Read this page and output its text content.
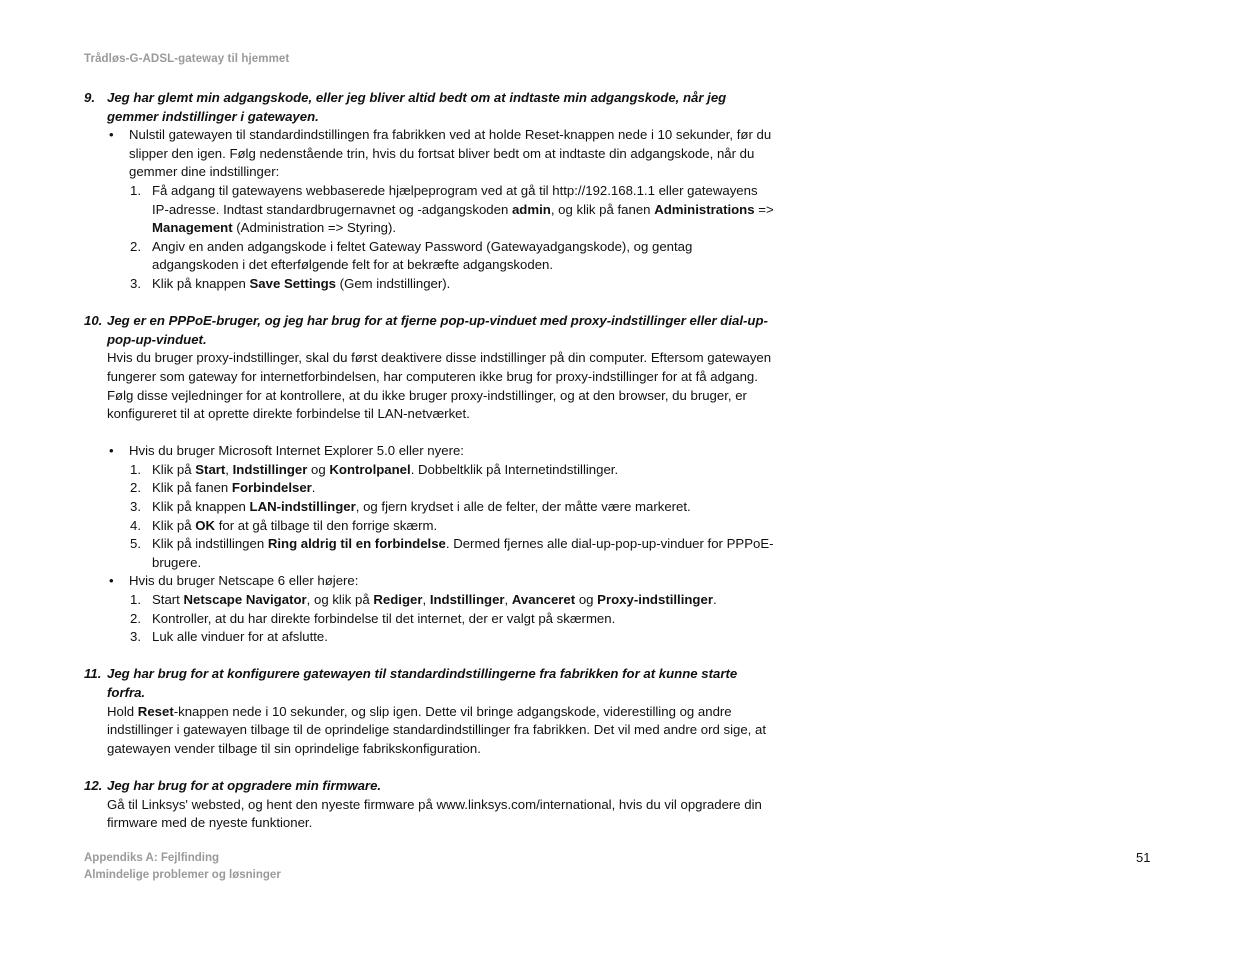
Trådløs-G-ADSL-gateway til hjemmet

9. Jeg har glemt min adgangskode, eller jeg bliver altid bedt om at indtaste min adgangskode, når jeg gemmer indstillinger i gatewayen.

• Nulstil gatewayen til standardindstillingen fra fabrikken ved at holde Reset-knappen nede i 10 sekunder, før du slipper den igen. Følg nedenstående trin, hvis du fortsat bliver bedt om at indtaste din adgangskode, når du gemmer dine indstillinger:

1. Få adgang til gatewayens webbaserede hjælpeprogram ved at gå til http://192.168.1.1 eller gatewayens IP-adresse. Indtast standardbrugernavnet og -adgangskoden admin, og klik på fanen Administrations => Management (Administration => Styring).

2. Angiv en anden adgangskode i feltet Gateway Password (Gatewayadgangskode), og gentag adgangskoden i det efterfølgende felt for at bekræfte adgangskoden.

3. Klik på knappen Save Settings (Gem indstillinger).

10. Jeg er en PPPoE-bruger, og jeg har brug for at fjerne pop-up-vinduet med proxy-indstillinger eller dial-up-pop-up-vinduet.

Hvis du bruger proxy-indstillinger, skal du først deaktivere disse indstillinger på din computer. Eftersom gatewayen fungerer som gateway for internetforbindelsen, har computeren ikke brug for proxy-indstillinger for at få adgang. Følg disse vejledninger for at kontrollere, at du ikke bruger proxy-indstillinger, og at den browser, du bruger, er konfigureret til at oprette direkte forbindelse til LAN-netværket.

• Hvis du bruger Microsoft Internet Explorer 5.0 eller nyere:

1. Klik på Start, Indstillinger og Kontrolpanel. Dobbeltklik på Internetindstillinger.

2. Klik på fanen Forbindelser.

3. Klik på knappen LAN-indstillinger, og fjern krydset i alle de felter, der måtte være markeret.

4. Klik på OK for at gå tilbage til den forrige skærm.

5. Klik på indstillingen Ring aldrig til en forbindelse. Dermed fjernes alle dial-up-pop-up-vinduer for PPPoE-brugere.

• Hvis du bruger Netscape 6 eller højere:

1. Start Netscape Navigator, og klik på Rediger, Indstillinger, Avanceret og Proxy-indstillinger.

2. Kontroller, at du har direkte forbindelse til det internet, der er valgt på skærmen.

3. Luk alle vinduer for at afslutte.

11. Jeg har brug for at konfigurere gatewayen til standardindstillingerne fra fabrikken for at kunne starte forfra.

Hold Reset-knappen nede i 10 sekunder, og slip igen. Dette vil bringe adgangskode, viderestilling og andre indstillinger i gatewayen tilbage til de oprindelige standardindstillinger fra fabrikken. Det vil med andre ord sige, at gatewayen vender tilbage til sin oprindelige fabrikskonfiguration.

12. Jeg har brug for at opgradere min firmware.

Gå til Linksys' websted, og hent den nyeste firmware på www.linksys.com/international, hvis du vil opgradere din firmware med de nyeste funktioner.

Appendiks A: Fejlfinding
Almindelige problemer og løsninger
51
